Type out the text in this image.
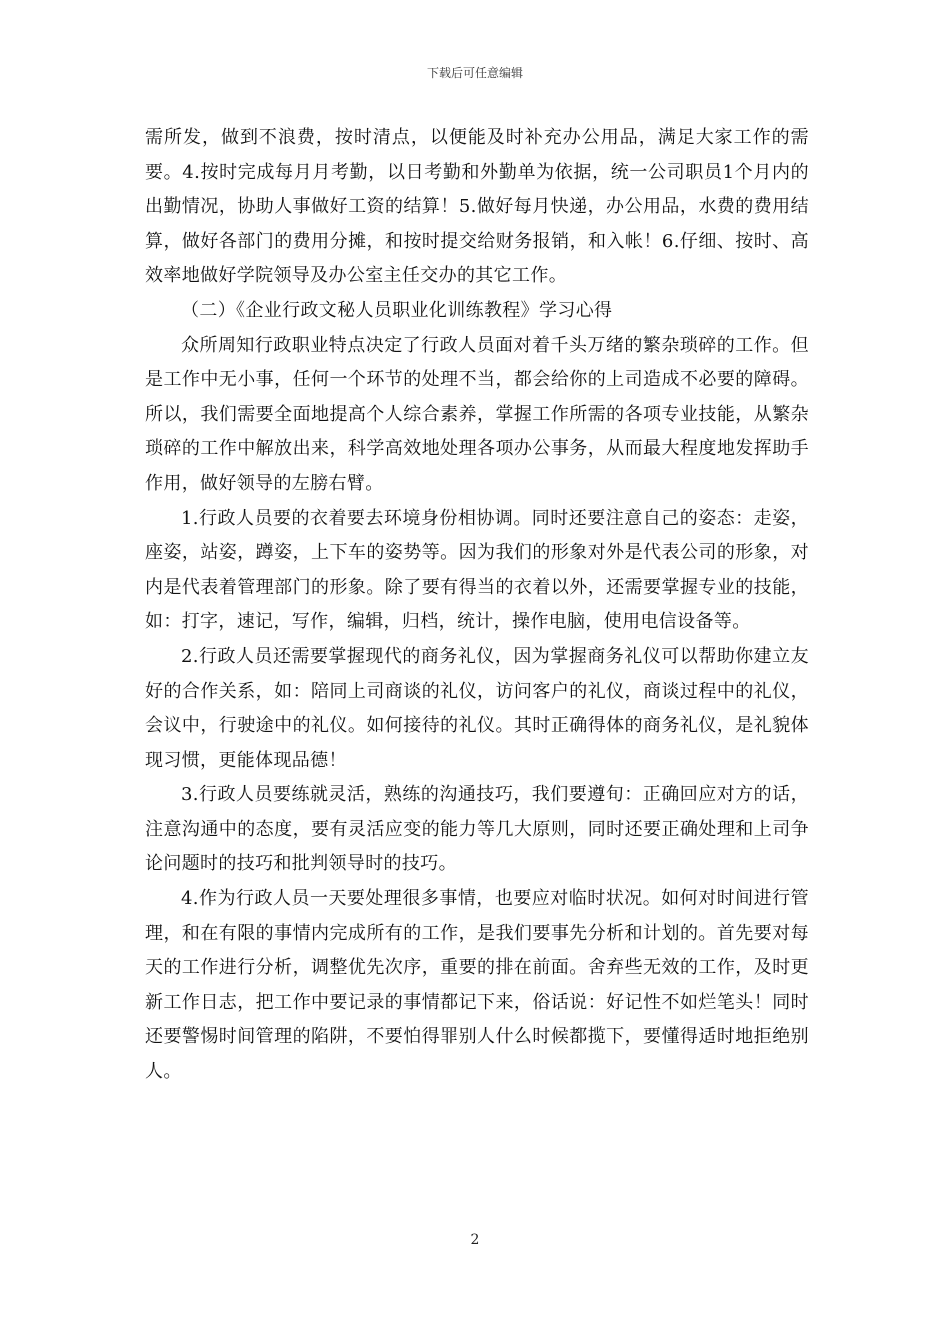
下载后可任意编辑

需所发，做到不浪费，按时清点，以便能及时补充办公用品，满足大家工作的需要。4.按时完成每月月考勤，以日考勤和外勤单为依据，统一公司职员1个月内的出勤情况，协助人事做好工资的结算！5.做好每月快递，办公用品，水费的费用结算，做好各部门的费用分摊，和按时提交给财务报销，和入帐！6.仔细、按时、高效率地做好学院领导及办公室主任交办的其它工作。

（二）《企业行政文秘人员职业化训练教程》学习心得

众所周知行政职业特点决定了行政人员面对着千头万绪的繁杂琐碎的工作。但是工作中无小事，任何一个环节的处理不当，都会给你的上司造成不必要的障碍。所以，我们需要全面地提高个人综合素养，掌握工作所需的各项专业技能，从繁杂琐碎的工作中解放出来，科学高效地处理各项办公事务，从而最大程度地发挥助手作用，做好领导的左膀右臂。

1.行政人员要的衣着要去环境身份相协调。同时还要注意自己的姿态：走姿，座姿，站姿，蹲姿，上下车的姿势等。因为我们的形象对外是代表公司的形象，对内是代表着管理部门的形象。除了要有得当的衣着以外，还需要掌握专业的技能，如：打字，速记，写作，编辑，归档，统计，操作电脑，使用电信设备等。

2.行政人员还需要掌握现代的商务礼仪，因为掌握商务礼仪可以帮助你建立友好的合作关系，如：陪同上司商谈的礼仪，访问客户的礼仪，商谈过程中的礼仪，会议中，行驶途中的礼仪。如何接待的礼仪。其时正确得体的商务礼仪，是礼貌体现习惯，更能体现品德！

3.行政人员要练就灵活，熟练的沟通技巧，我们要遵旬：正确回应对方的话，注意沟通中的态度，要有灵活应变的能力等几大原则，同时还要正确处理和上司争论问题时的技巧和批判领导时的技巧。

4.作为行政人员一天要处理很多事情，也要应对临时状况。如何对时间进行管理，和在有限的事情内完成所有的工作，是我们要事先分析和计划的。首先要对每天的工作进行分析，调整优先次序，重要的排在前面。舍弃些无效的工作，及时更新工作日志，把工作中要记录的事情都记下来，俗话说：好记性不如烂笔头！同时还要警惕时间管理的陷阱，不要怕得罪别人什么时候都揽下，要懂得适时地拒绝别人。

2
